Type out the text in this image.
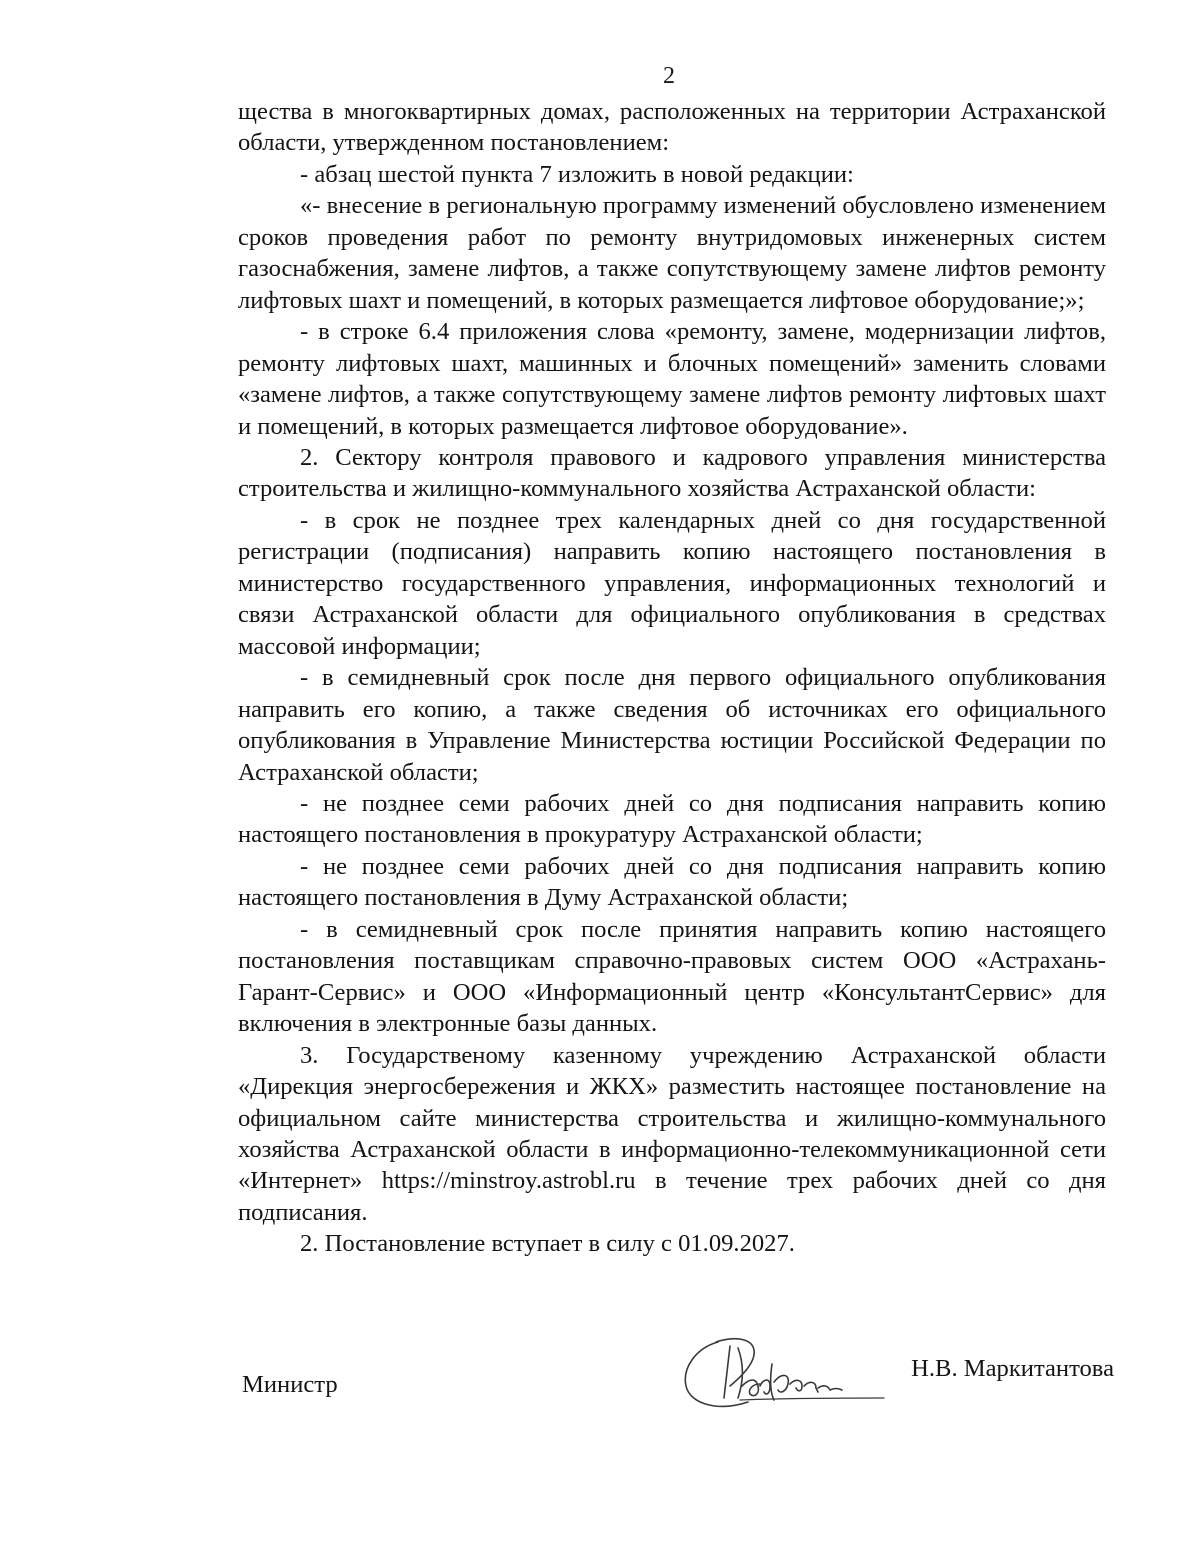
2

щества в многоквартирных домах, расположенных на территории Астраханской области, утвержденном постановлением:

- абзац шестой пункта 7 изложить в новой редакции:

«- внесение в региональную программу изменений обусловлено изменением сроков проведения работ по ремонту внутридомовых инженерных систем газоснабжения, замене лифтов, а также сопутствующему замене лифтов ремонту лифтовых шахт и помещений, в которых размещается лифтовое оборудование;»;

- в строке 6.4 приложения слова «ремонту, замене, модернизации лифтов, ремонту лифтовых шахт, машинных и блочных помещений» заменить словами «замене лифтов, а также сопутствующему замене лифтов ремонту лифтовых шахт и помещений, в которых размещается лифтовое оборудование».

2. Сектору контроля правового и кадрового управления министерства строительства и жилищно-коммунального хозяйства Астраханской области:

- в срок не позднее трех календарных дней со дня государственной регистрации (подписания) направить копию настоящего постановления в министерство государственного управления, информационных технологий и связи Астраханской области для официального опубликования в средствах массовой информации;

- в семидневный срок после дня первого официального опубликования направить его копию, а также сведения об источниках его официального опубликования в Управление Министерства юстиции Российской Федерации по Астраханской области;

- не позднее семи рабочих дней со дня подписания направить копию настоящего постановления в прокуратуру Астраханской области;

- не позднее семи рабочих дней со дня подписания направить копию настоящего постановления в Думу Астраханской области;

- в семидневный срок после принятия направить копию настоящего постановления поставщикам справочно-правовых систем ООО «Астрахань-Гарант-Сервис» и ООО «Информационный центр «КонсультантСервис» для включения в электронные базы данных.

3. Государственому казенному учреждению Астраханской области «Дирекция энергосбережения и ЖКХ» разместить настоящее постановление на официальном сайте министерства строительства и жилищно-коммунального хозяйства Астраханской области в информационно-телекоммуникационной сети «Интернет» https://minstroy.astrobl.ru в течение трех рабочих дней со дня подписания.

2. Постановление вступает в силу с 01.09.2027.

Министр
Н.В. Маркитантова
